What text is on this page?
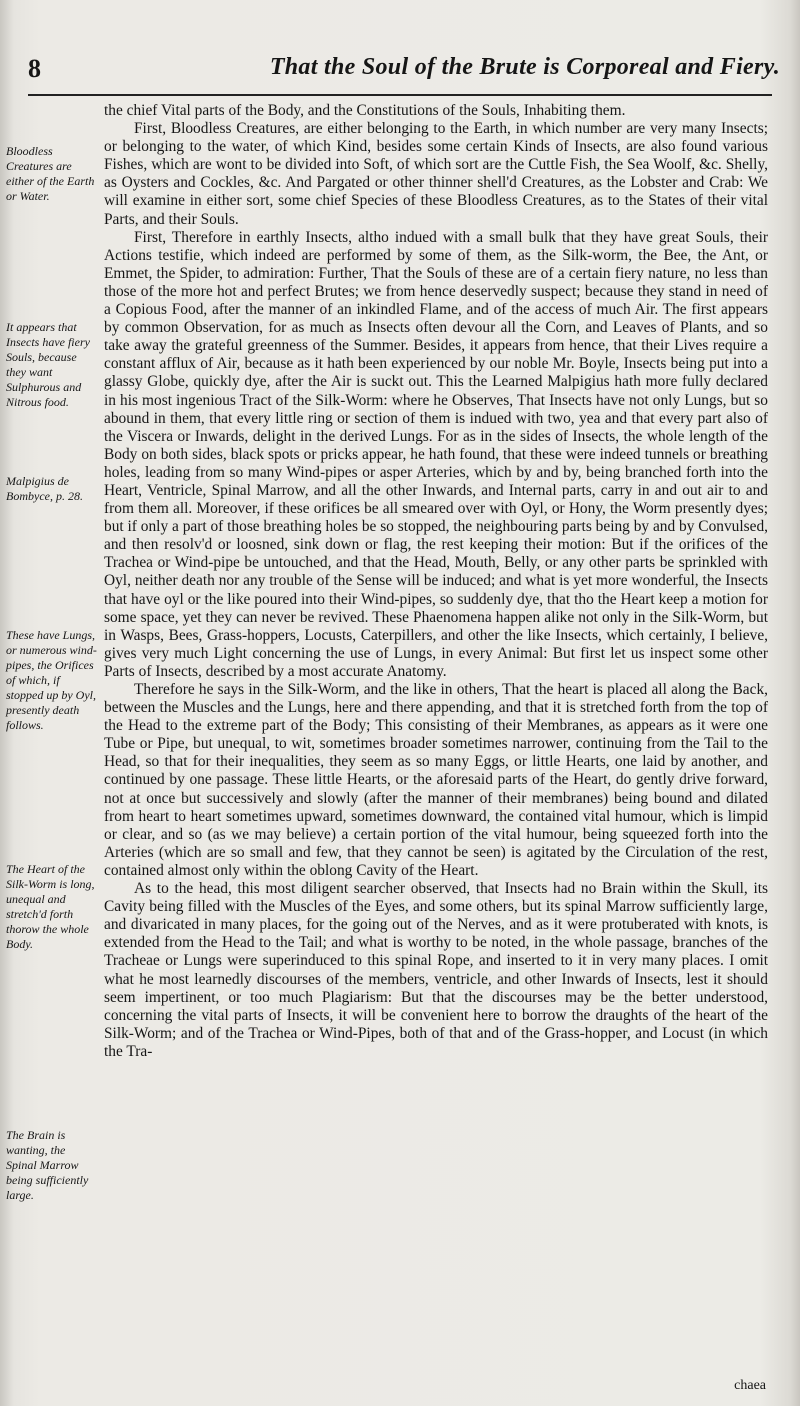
8	That the Soul of the Brute is Corporeal and Fiery.
Bloodless Creatures are either of the Earth or Water.
It appears that Insects have fiery Souls, because they want Sulphurous and Nitrous food.
Malpigius de Bombyce, p. 28.
These have Lungs, or numerous wind-pipes, the Orifices of which, if stopped up by Oyl, presently death follows.
The Heart of the Silk-Worm is long, unequal and stretch'd forth thorow the whole Body.
The Brain is wanting, the Spinal Marrow being sufficiently large.

the chief Vital parts of the Body, and the Constitutions of the Souls, Inhabiting them.

First, Bloodless Creatures, are either belonging to the Earth, in which number are very many Insects; or belonging to the water, of which Kind, besides some certain Kinds of Insects, are also found various Fishes, which are wont to be divided into Soft, of which sort are the Cuttle Fish, the Sea Woolf, &c. Shelly, as Oysters and Cockles, &c. And Pargated or other thinner shell'd Creatures, as the Lobster and Crab: We will examine in either sort, some chief Species of these Bloodless Creatures, as to the States of their vital Parts, and their Souls.

First, Therefore in earthly Insects, altho indued with a small bulk that they have great Souls, their Actions testifie, which indeed are performed by some of them, as the Silk-worm, the Bee, the Ant, or Emmet, the Spider, to admiration: Further, That the Souls of these are of a certain fiery nature, no less than those of the more hot and perfect Brutes; we from hence deservedly suspect; because they stand in need of a Copious Food, after the manner of an inkindled Flame, and of the access of much Air. The first appears by common Observation, for as much as Insects often devour all the Corn, and Leaves of Plants, and so take away the grateful greenness of the Summer. Besides, it appears from hence, that their Lives require a constant afflux of Air, because as it hath been experienced by our noble Mr. Boyle, Insects being put into a glassy Globe, quickly dye, after the Air is suckt out. This the Learned Malpigius hath more fully declared in his most ingenious Tract of the Silk-Worm: where he Observes, That Insects have not only Lungs, but so abound in them, that every little ring or section of them is indued with two, yea and that every part also of the Viscera or Inwards, delight in the derived Lungs. For as in the sides of Insects, the whole length of the Body on both sides, black spots or pricks appear, he hath found, that these were indeed tunnels or breathing holes, leading from so many Wind-pipes or asper Arteries, which by and by, being branched forth into the Heart, Ventricle, Spinal Marrow, and all the other Inwards, and Internal parts, carry in and out air to and from them all. Moreover, if these orifices be all smeared over with Oyl, or Hony, the Worm presently dyes; but if only a part of those breathing holes be so stopped, the neighbouring parts being by and by Convulsed, and then resolv'd or loosned, sink down or flag, the rest keeping their motion: But if the orifices of the Trachea or Wind-pipe be untouched, and that the Head, Mouth, Belly, or any other parts be sprinkled with Oyl, neither death nor any trouble of the Sense will be induced; and what is yet more wonderful, the Insects that have oyl or the like poured into their Wind-pipes, so suddenly dye, that tho the Heart keep a motion for some space, yet they can never be revived. These Phaenomena happen alike not only in the Silk-Worm, but in Wasps, Bees, Grass-hoppers, Locusts, Caterpillers, and other the like Insects, which certainly, I believe, gives very much Light concerning the use of Lungs, in every Animal: But first let us inspect some other Parts of Insects, described by a most accurate Anatomy.

Therefore he says in the Silk-Worm, and the like in others, That the heart is placed all along the Back, between the Muscles and the Lungs, here and there appending, and that it is stretched forth from the top of the Head to the extreme part of the Body; This consisting of their Membranes, as appears as it were one Tube or Pipe, but unequal, to wit, sometimes broader sometimes narrower, continuing from the Tail to the Head, so that for their inequalities, they seem as so many Eggs, or little Hearts, one laid by another, and continued by one passage. These little Hearts, or the aforesaid parts of the Heart, do gently drive forward, not at once but successively and slowly (after the manner of their membranes) being bound and dilated from heart to heart sometimes upward, sometimes downward, the contained vital humour, which is limpid or clear, and so (as we may believe) a certain portion of the vital humour, being squeezed forth into the Arteries (which are so small and few, that they cannot be seen) is agitated by the Circulation of the rest, contained almost only within the oblong Cavity of the Heart.

As to the head, this most diligent searcher observed, that Insects had no Brain within the Skull, its Cavity being filled with the Muscles of the Eyes, and some others, but its spinal Marrow sufficiently large, and divaricated in many places, for the going out of the Nerves, and as it were protuberated with knots, is extended from the Head to the Tail; and what is worthy to be noted, in the whole passage, branches of the Tracheae or Lungs were superinduced to this spinal Rope, and inserted to it in very many places. I omit what he most learnedly discourses of the members, ventricle, and other Inwards of Insects, lest it should seem impertinent, or too much Plagiarism: But that the discourses may be the better understood, concerning the vital parts of Insects, it will be convenient here to borrow the draughts of the heart of the Silk-Worm; and of the Trachea or Wind-Pipes, both of that and of the Grass-hopper, and Locust (in which the Tra-

chaea
